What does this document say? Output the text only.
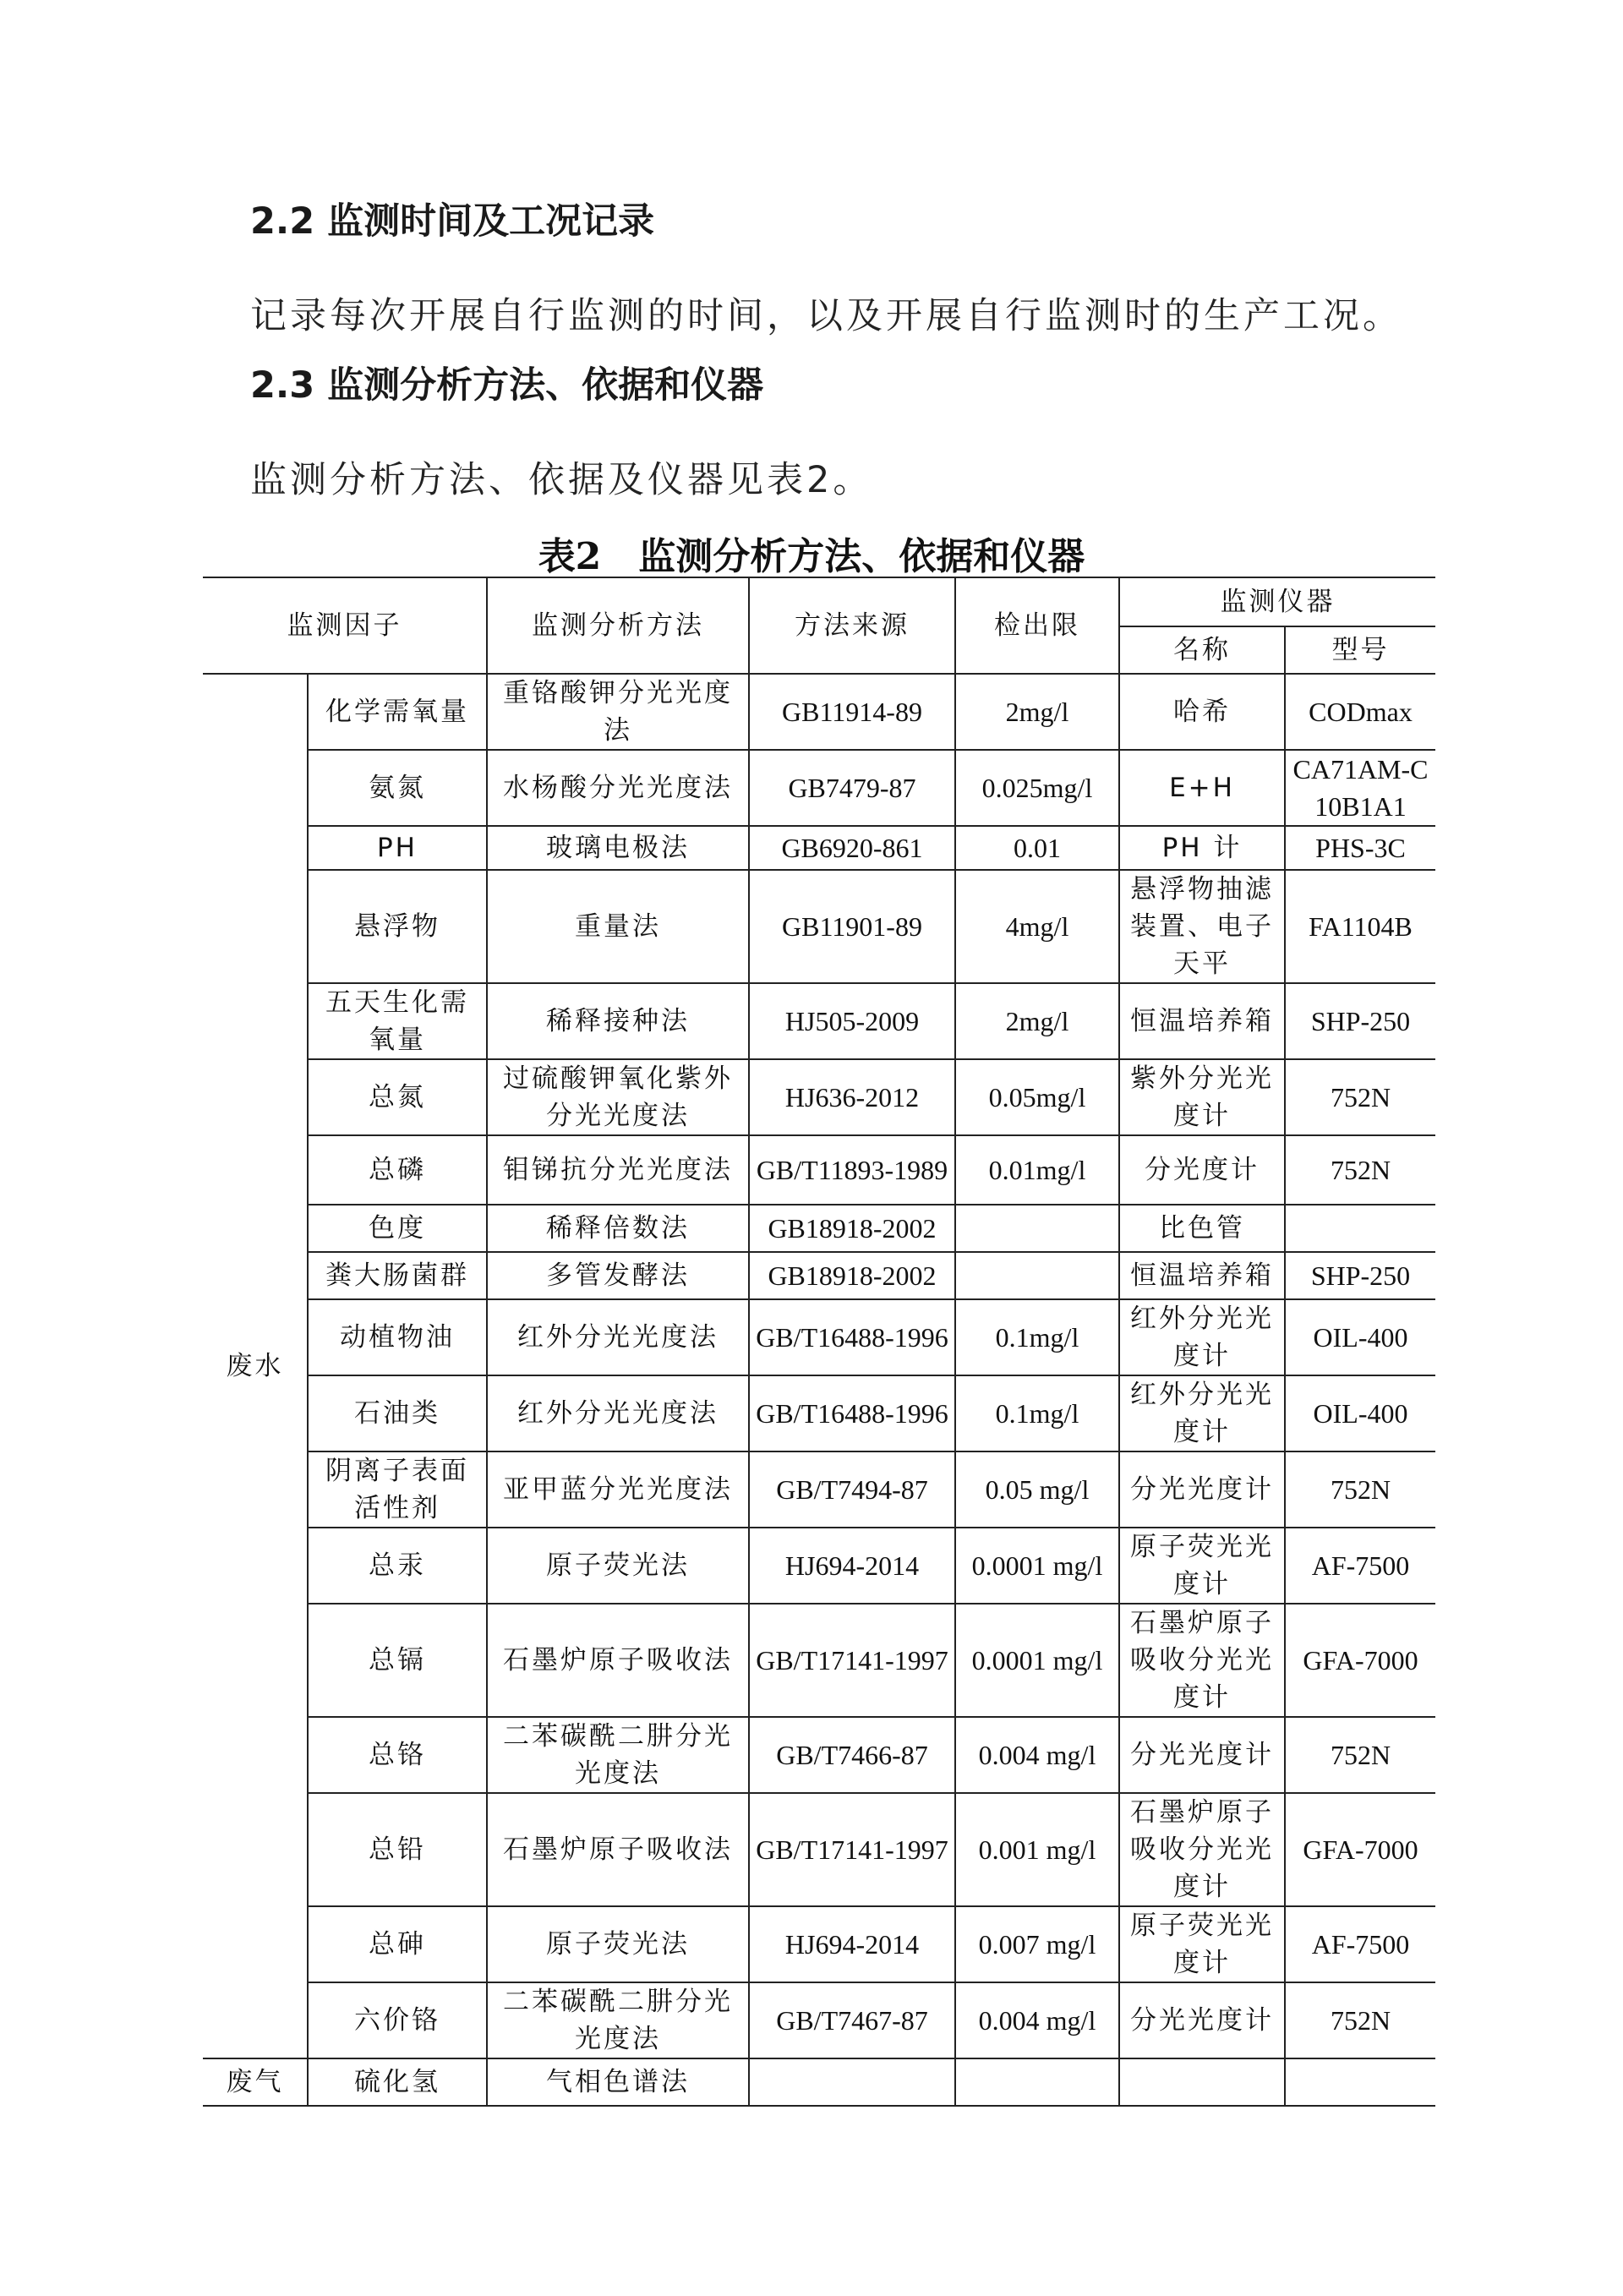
2.2 监测时间及工况记录
记录每次开展自行监测的时间，以及开展自行监测时的生产工况。
2.3 监测分析方法、依据和仪器
监测分析方法、依据及仪器见表2。
表2　监测分析方法、依据和仪器
监测因子		监测分析方法	方法来源	检出限	监测仪器	
					名称	型号
废水	化学需氧量	重铬酸钾分光光度法	GB11914-89	2mg/l	哈希	CODmax
	氨氮	水杨酸分光光度法	GB7479-87	0.025mg/l	E+H	CA71AM-C10B1A1
	PH	玻璃电极法	GB6920-861	0.01	PH 计	PHS-3C
	悬浮物	重量法	GB11901-89	4mg/l	悬浮物抽滤装置、电子天平	FA1104B
	五天生化需氧量	稀释接种法	HJ505-2009	2mg/l	恒温培养箱	SHP-250
	总氮	过硫酸钾氧化紫外分光光度法	HJ636-2012	0.05mg/l	紫外分光光度计	752N
	总磷	钼锑抗分光光度法	GB/T11893-1989	0.01mg/l	分光度计	752N
	色度	稀释倍数法	GB18918-2002		比色管	
	粪大肠菌群	多管发酵法	GB18918-2002		恒温培养箱	SHP-250
	动植物油	红外分光光度法	GB/T16488-1996	0.1mg/l	红外分光光度计	OIL-400
	石油类	红外分光光度法	GB/T16488-1996	0.1mg/l	红外分光光度计	OIL-400
	阴离子表面活性剂	亚甲蓝分光光度法	GB/T7494-87	0.05 mg/l	分光光度计	752N
	总汞	原子荧光法	HJ694-2014	0.0001 mg/l	原子荧光光度计	AF-7500
	总镉	石墨炉原子吸收法	GB/T17141-1997	0.0001 mg/l	石墨炉原子吸收分光光度计	GFA-7000
	总铬	二苯碳酰二肼分光光度法	GB/T7466-87	0.004 mg/l	分光光度计	752N
	总铅	石墨炉原子吸收法	GB/T17141-1997	0.001 mg/l	石墨炉原子吸收分光光度计	GFA-7000
	总砷	原子荧光法	HJ694-2014	0.007 mg/l	原子荧光光度计	AF-7500
	六价铬	二苯碳酰二肼分光光度法	GB/T7467-87	0.004 mg/l	分光光度计	752N
废气	硫化氢	气相色谱法				
